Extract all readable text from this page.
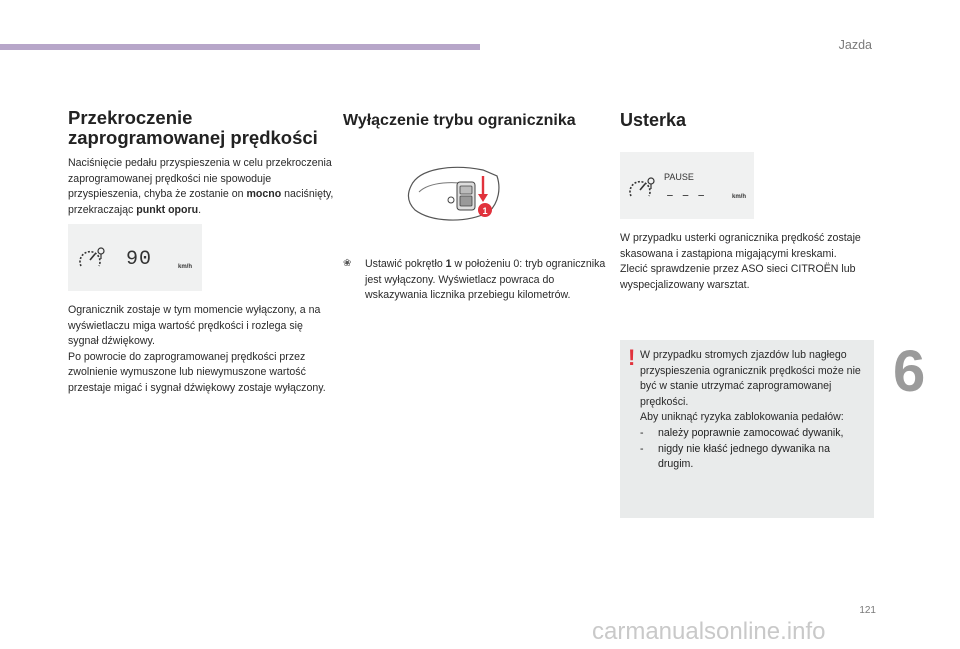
Jazda
Przekroczenie zaprogramowanej prędkości

Naciśnięcie pedału przyspieszenia w celu przekroczenia zaprogramowanej prędkości nie spowoduje przyspieszenia, chyba że zostanie on mocno naciśnięty, przekraczając punkt oporu.

90	km/h

Ogranicznik zostaje w tym momencie wyłączony, a na wyświetlaczu miga wartość prędkości i rozlega się sygnał dźwiękowy.

Po powrocie do zaprogramowanej prędkości przez zwolnienie wymuszone lub niewymuszone wartość przestaje migać i sygnał dźwiękowy zostaje wyłączony.

Wyłączenie trybu ogranicznika
1
❀	Ustawić pokrętło 1 w położeniu 0: tryb ogranicznika jest wyłączony. Wyświetlacz powraca do wskazywania licznika przebiegu kilometrów.

Usterka
PAUSE
– – –	km/h

W przypadku usterki ogranicznika prędkość zostaje skasowana i zastąpiona migającymi kreskami.

Zlecić sprawdzenie przez ASO sieci CITROËN lub wyspecjalizowany warsztat.

W przypadku stromych zjazdów lub nagłego przyspieszenia ogranicznik prędkości może nie być w stanie utrzymać zaprogramowanej prędkości.

Aby uniknąć ryzyka zablokowania pedałów:

-	należy poprawnie zamocować dywanik,
-	nigdy nie kłaść jednego dywanika na drugim.
!	6
121
carmanualsonline.info
